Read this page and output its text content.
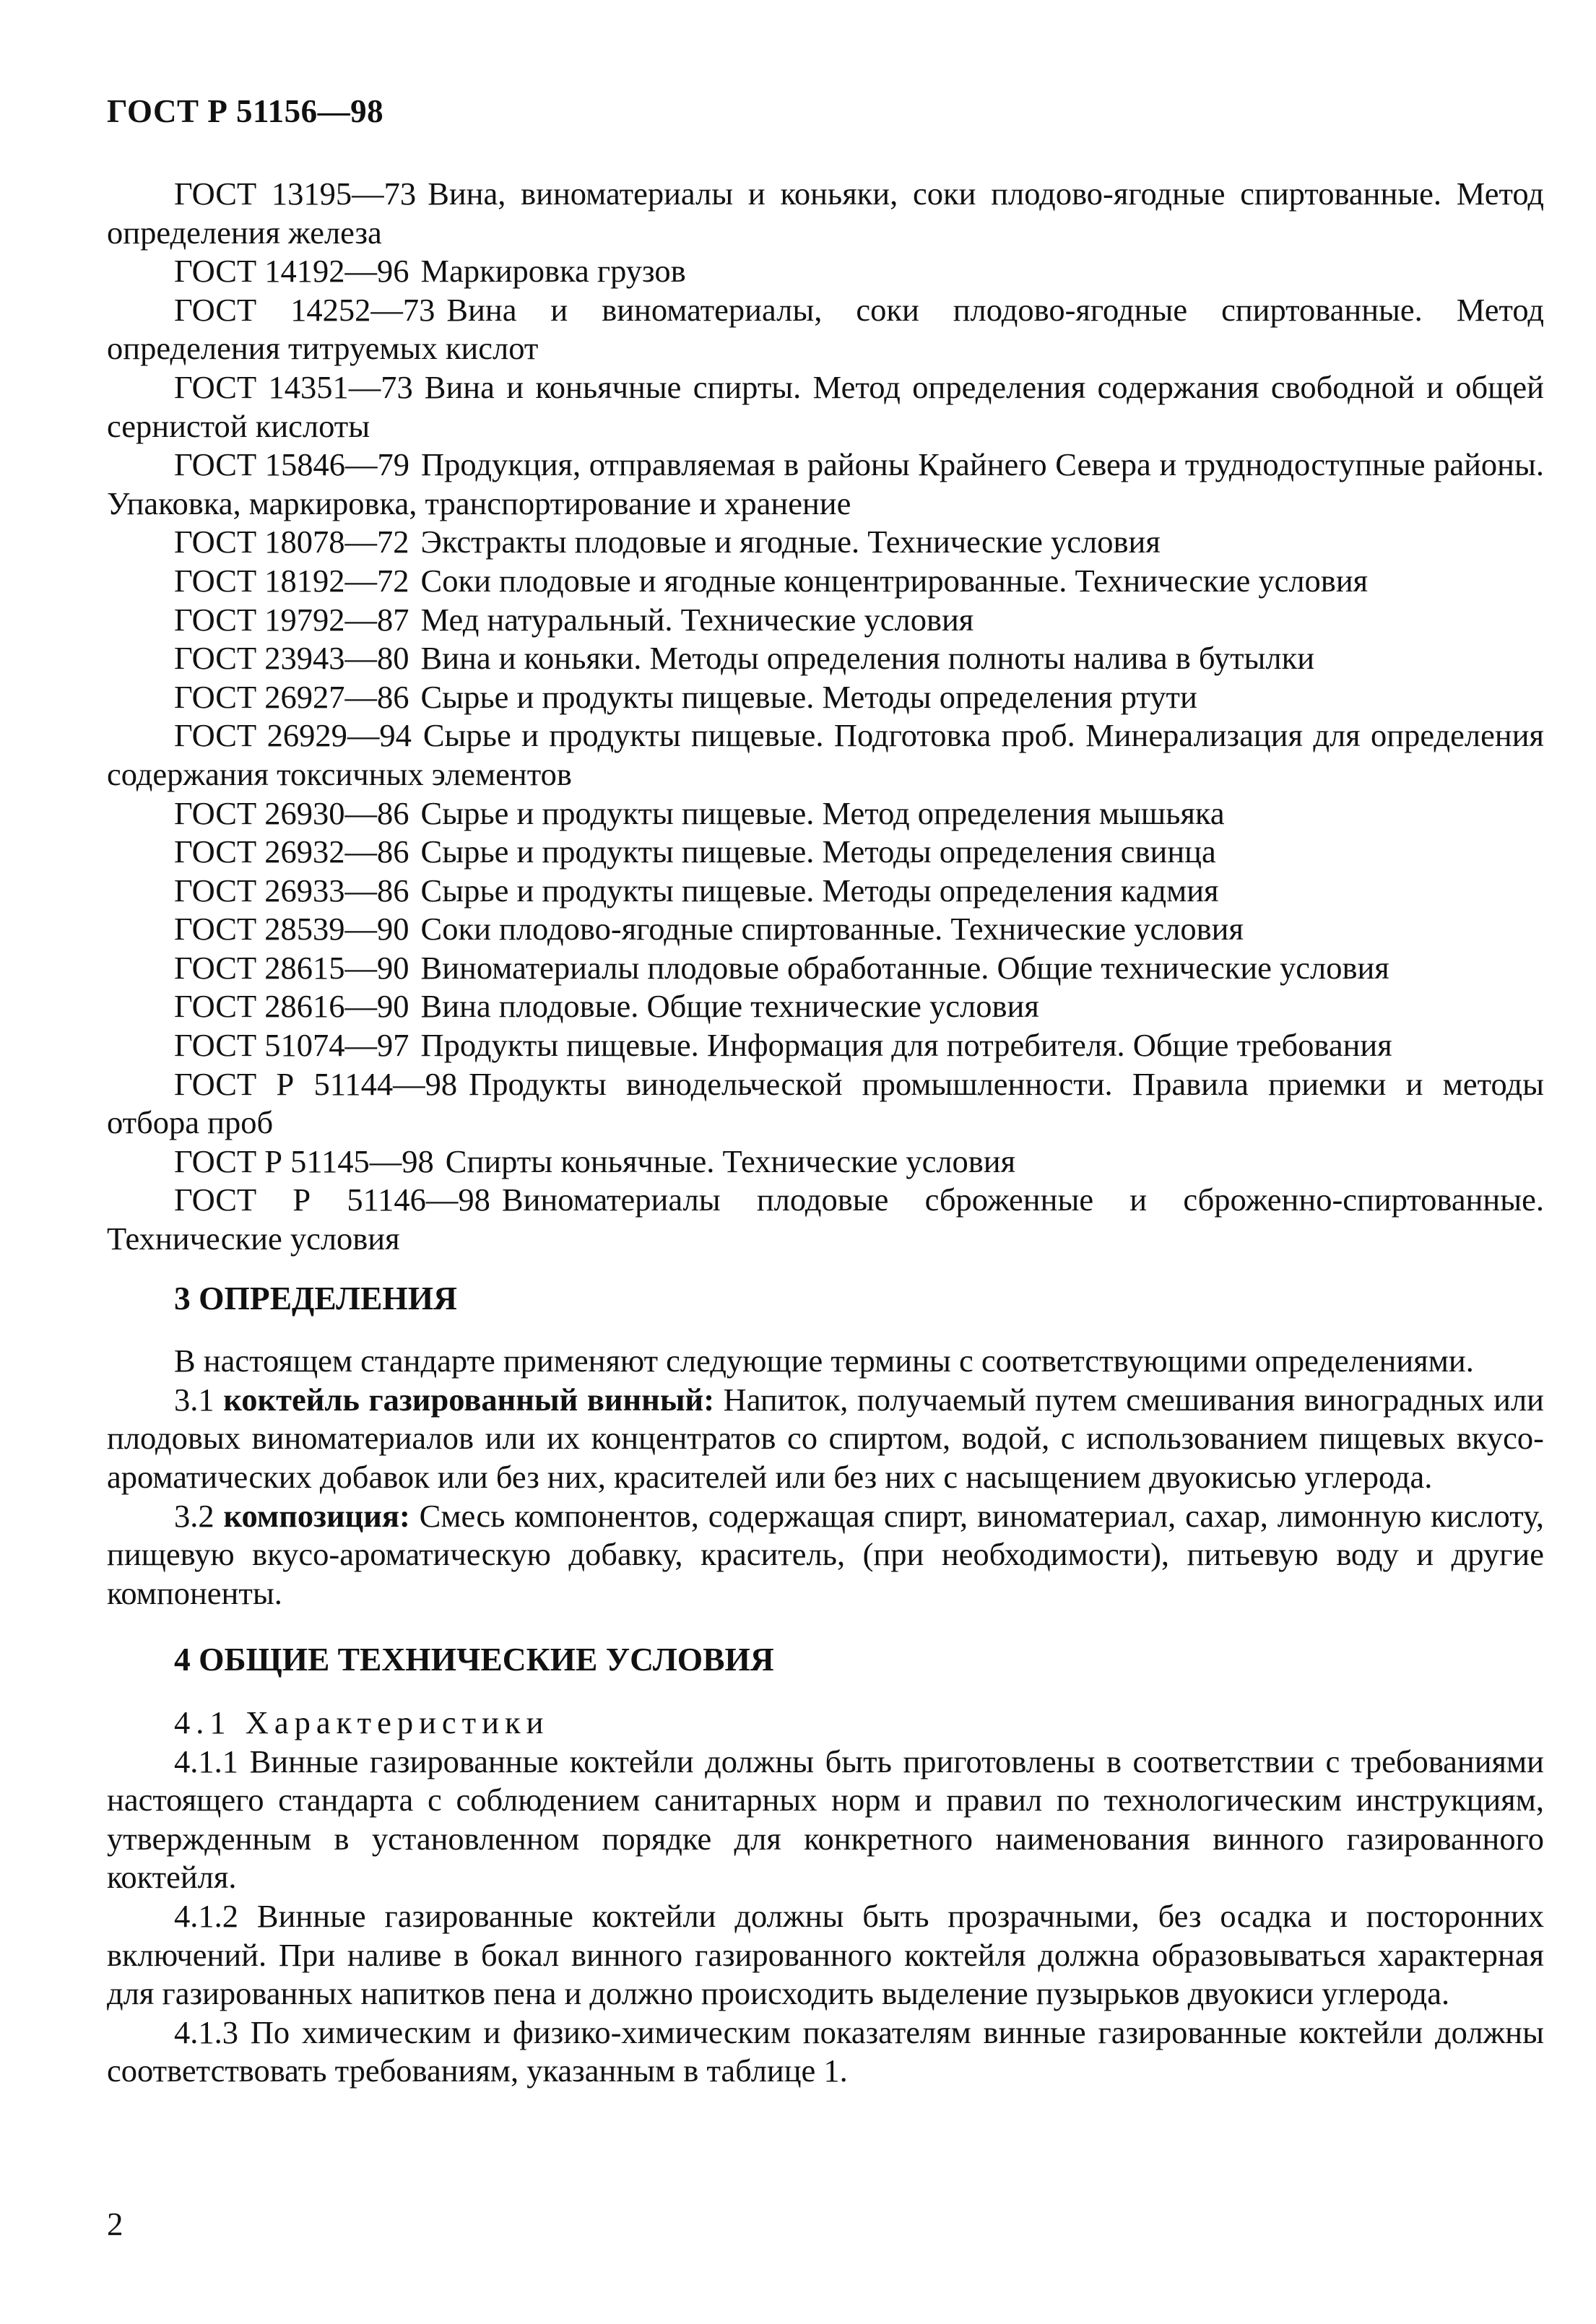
ГОСТ Р 51156—98
ГОСТ 13195—73 Вина, виноматериалы и коньяки, соки плодово-ягодные спиртованные. Метод определения железа
ГОСТ 14192—96 Маркировка грузов
ГОСТ 14252—73 Вина и виноматериалы, соки плодово-ягодные спиртованные. Метод определения титруемых кислот
ГОСТ 14351—73 Вина и коньячные спирты. Метод определения содержания свободной и общей сернистой кислоты
ГОСТ 15846—79 Продукция, отправляемая в районы Крайнего Севера и труднодоступные районы. Упаковка, маркировка, транспортирование и хранение
ГОСТ 18078—72 Экстракты плодовые и ягодные. Технические условия
ГОСТ 18192—72 Соки плодовые и ягодные концентрированные. Технические условия
ГОСТ 19792—87 Мед натуральный. Технические условия
ГОСТ 23943—80 Вина и коньяки. Методы определения полноты налива в бутылки
ГОСТ 26927—86 Сырье и продукты пищевые. Методы определения ртути
ГОСТ 26929—94 Сырье и продукты пищевые. Подготовка проб. Минерализация для определения содержания токсичных элементов
ГОСТ 26930—86 Сырье и продукты пищевые. Метод определения мышьяка
ГОСТ 26932—86 Сырье и продукты пищевые. Методы определения свинца
ГОСТ 26933—86 Сырье и продукты пищевые. Методы определения кадмия
ГОСТ 28539—90 Соки плодово-ягодные спиртованные. Технические условия
ГОСТ 28615—90 Виноматериалы плодовые обработанные. Общие технические условия
ГОСТ 28616—90 Вина плодовые. Общие технические условия
ГОСТ 51074—97 Продукты пищевые. Информация для потребителя. Общие требования
ГОСТ Р 51144—98 Продукты винодельческой промышленности. Правила приемки и методы отбора проб
ГОСТ Р 51145—98 Спирты коньячные. Технические условия
ГОСТ Р 51146—98 Виноматериалы плодовые сброженные и сброженно-спиртованные. Технические условия
3 ОПРЕДЕЛЕНИЯ
В настоящем стандарте применяют следующие термины с соответствующими определениями.
3.1 коктейль газированный винный: Напиток, получаемый путем смешивания виноградных или плодовых виноматериалов или их концентратов со спиртом, водой, с использованием пищевых вкусо-ароматических добавок или без них, красителей или без них с насыщением двуокисью углерода.
3.2 композиция: Смесь компонентов, содержащая спирт, виноматериал, сахар, лимонную кислоту, пищевую вкусо-ароматическую добавку, краситель, (при необходимости), питьевую воду и другие компоненты.
4 ОБЩИЕ ТЕХНИЧЕСКИЕ УСЛОВИЯ
4.1 Характеристики
4.1.1 Винные газированные коктейли должны быть приготовлены в соответствии с требованиями настоящего стандарта с соблюдением санитарных норм и правил по технологическим инструкциям, утвержденным в установленном порядке для конкретного наименования винного газированного коктейля.
4.1.2 Винные газированные коктейли должны быть прозрачными, без осадка и посторонних включений. При наливе в бокал винного газированного коктейля должна образовываться характерная для газированных напитков пена и должно происходить выделение пузырьков двуокиси углерода.
4.1.3 По химическим и физико-химическим показателям винные газированные коктейли должны соответствовать требованиям, указанным в таблице 1.
2
